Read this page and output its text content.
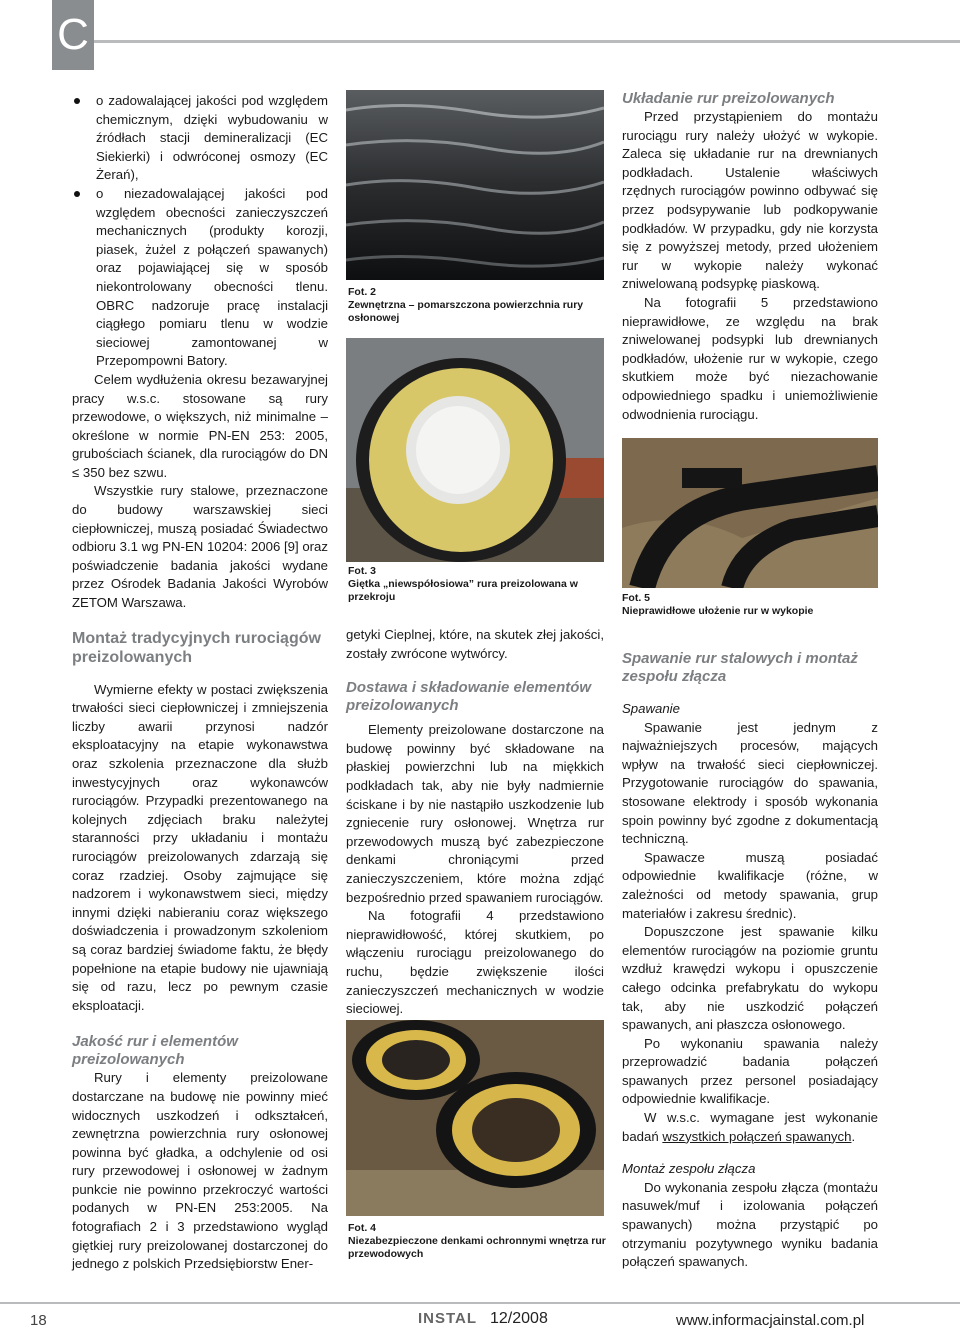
C

o zadowalającej jakości pod względem chemicznym, dzięki wybudowaniu w źródłach stacji demineralizacji (EC Siekierki) i odwróconej osmozy (EC Żerań),

o niezadowalającej jakości pod względem obecności zanieczyszczeń mechanicznych (produkty korozji, piasek, żużel z połączeń spawanych) oraz pojawiającej się w sposób niekontrolowany obecności tlenu. OBRC nadzoruje pracę instalacji ciągłego pomiaru tlenu w wodzie sieciowej zamontowanej w Przepompowni Batory.

Celem wydłużenia okresu bezawaryjnej pracy w.s.c. stosowane są rury przewodowe, o większych, niż minimalne – określone w normie PN-EN 253: 2005, grubościach ścianek, dla rurociągów do DN ≤ 350 bez szwu.

Wszystkie rury stalowe, przeznaczone do budowy warszawskiej sieci ciepłowniczej, muszą posiadać Świadectwo odbioru 3.1 wg PN-EN 10204: 2006 [9] oraz poświadczenie badania jakości wydane przez Ośrodek Badania Jakości Wyrobów ZETOM Warszawa.

Montaż tradycyjnych rurociągów preizolowanych

Wymierne efekty w postaci zwiększenia trwałości sieci ciepłowniczej i zmniejszenia liczby awarii przynosi nadzór eksploatacyjny na etapie wykonawstwa oraz szkolenia przeznaczone dla służb inwestycyjnych oraz wykonawców rurociągów. Przypadki prezentowanego na kolejnych zdjęciach braku należytej staranności przy układaniu i montażu rurociągów preizolowanych zdarzają się coraz rzadziej. Osoby zajmujące się nadzorem i wykonawstwem sieci, między innymi dzięki nabieraniu coraz większego doświadczenia i prowadzonym szkoleniom są coraz bardziej świadome faktu, że błędy popełnione na etapie budowy nie ujawniają się od razu, lecz po pewnym czasie eksploatacji.

Jakość rur i elementów preizolowanych

Rury i elementy preizolowane dostarczane na budowę nie powinny mieć widocznych uszkodzeń i odkształceń, zewnętrzna powierzchnia rury osłonowej powinna być gładka, a odchylenie od osi rury przewodowej i osłonowej w żadnym punkcie nie powinno przekroczyć wartości podanych w PN-EN 253:2005. Na fotografiach 2 i 3 przedstawiono wygląd giętkiej rury preizolowanej dostarczonej do jednego z polskich Przedsiębiorstw Ener-

Fot. 2
Zewnętrzna – pomarszczona powierzchnia rury osłonowej
Fot. 3
Giętka „niewspółosiowa” rura preizolowana w przekroju

getyki Cieplnej, które, na skutek złej jakości, zostały zwrócone wytwórcy.

Dostawa i składowanie elementów preizolowanych

Elementy preizolowane dostarczone na budowę powinny być składowane na płaskiej powierzchni lub na miękkich podkładach tak, aby nie były nadmiernie ściskane i by nie nastąpiło uszkodzenie lub zgniecenie rury osłonowej. Wnętrza rur przewodowych muszą być zabezpieczone denkami chroniącymi przed zanieczyszczeniem, które można zdjąć bezpośrednio przed spawaniem rurociągów.

Na fotografii 4 przedstawiono nieprawidłowość, której skutkiem, po włączeniu rurociągu preizolowanego do ruchu, będzie zwiększenie ilości zanieczyszczeń mechanicznych w wodzie sieciowej.

Fot. 4
Niezabezpieczone denkami ochronnymi wnętrza rur przewodowych
Układanie rur preizolowanych

Przed przystąpieniem do montażu rurociągu rury należy ułożyć w wykopie. Zaleca się układanie rur na drewnianych podkładach. Ustalenie właściwych rzędnych rurociągów powinno odbywać się przez podsypywanie lub podkopywanie podkładów. W przypadku, gdy nie korzysta się z powyższej metody, przed ułożeniem rur w wykopie należy wykonać zniwelowaną podsypkę piaskową.

Na fotografii 5 przedstawiono nieprawidłowe, ze względu na brak zniwelowanej podsypki lub drewnianych podkładów, ułożenie rur w wykopie, czego skutkiem może być niezachowanie odpowiedniego spadku i uniemożliwienie odwodnienia rurociągu.

Fot. 5
Nieprawidłowe ułożenie rur w wykopie
Spawanie rur stalowych i montaż zespołu złącza

Spawanie

Spawanie jest jednym z najważniejszych procesów, mających wpływ na trwałość sieci ciepłowniczej. Przygotowanie rurociągów do spawania, stosowane elektrody i sposób wykonania spoin powinny być zgodne z dokumentacją techniczną.

Spawacze muszą posiadać odpowiednie kwalifikacje (różne, w zależności od metody spawania, grup materiałów i zakresu średnic).

Dopuszczone jest spawanie kilku elementów rurociągów na poziomie gruntu wzdłuż krawędzi wykopu i opuszczenie całego odcinka prefabrykatu do wykopu tak, aby nie uszkodzić połączeń spawanych, ani płaszcza osłonowego.

Po wykonaniu spawania należy przeprowadzić badania połączeń spawanych przez personel posiadający odpowiednie kwalifikacje.

W w.s.c. wymagane jest wykonanie badań wszystkich połączeń spawanych.

Montaż zespołu złącza

Do wykonania zespołu złącza (montażu nasuwek/muf i izolowania połączeń spawanych) można przystąpić po otrzymaniu pozytywnego wyniku badania połączeń spawanych.

18	INSTAL 12/2008	www.informacjainstal.com.pl
